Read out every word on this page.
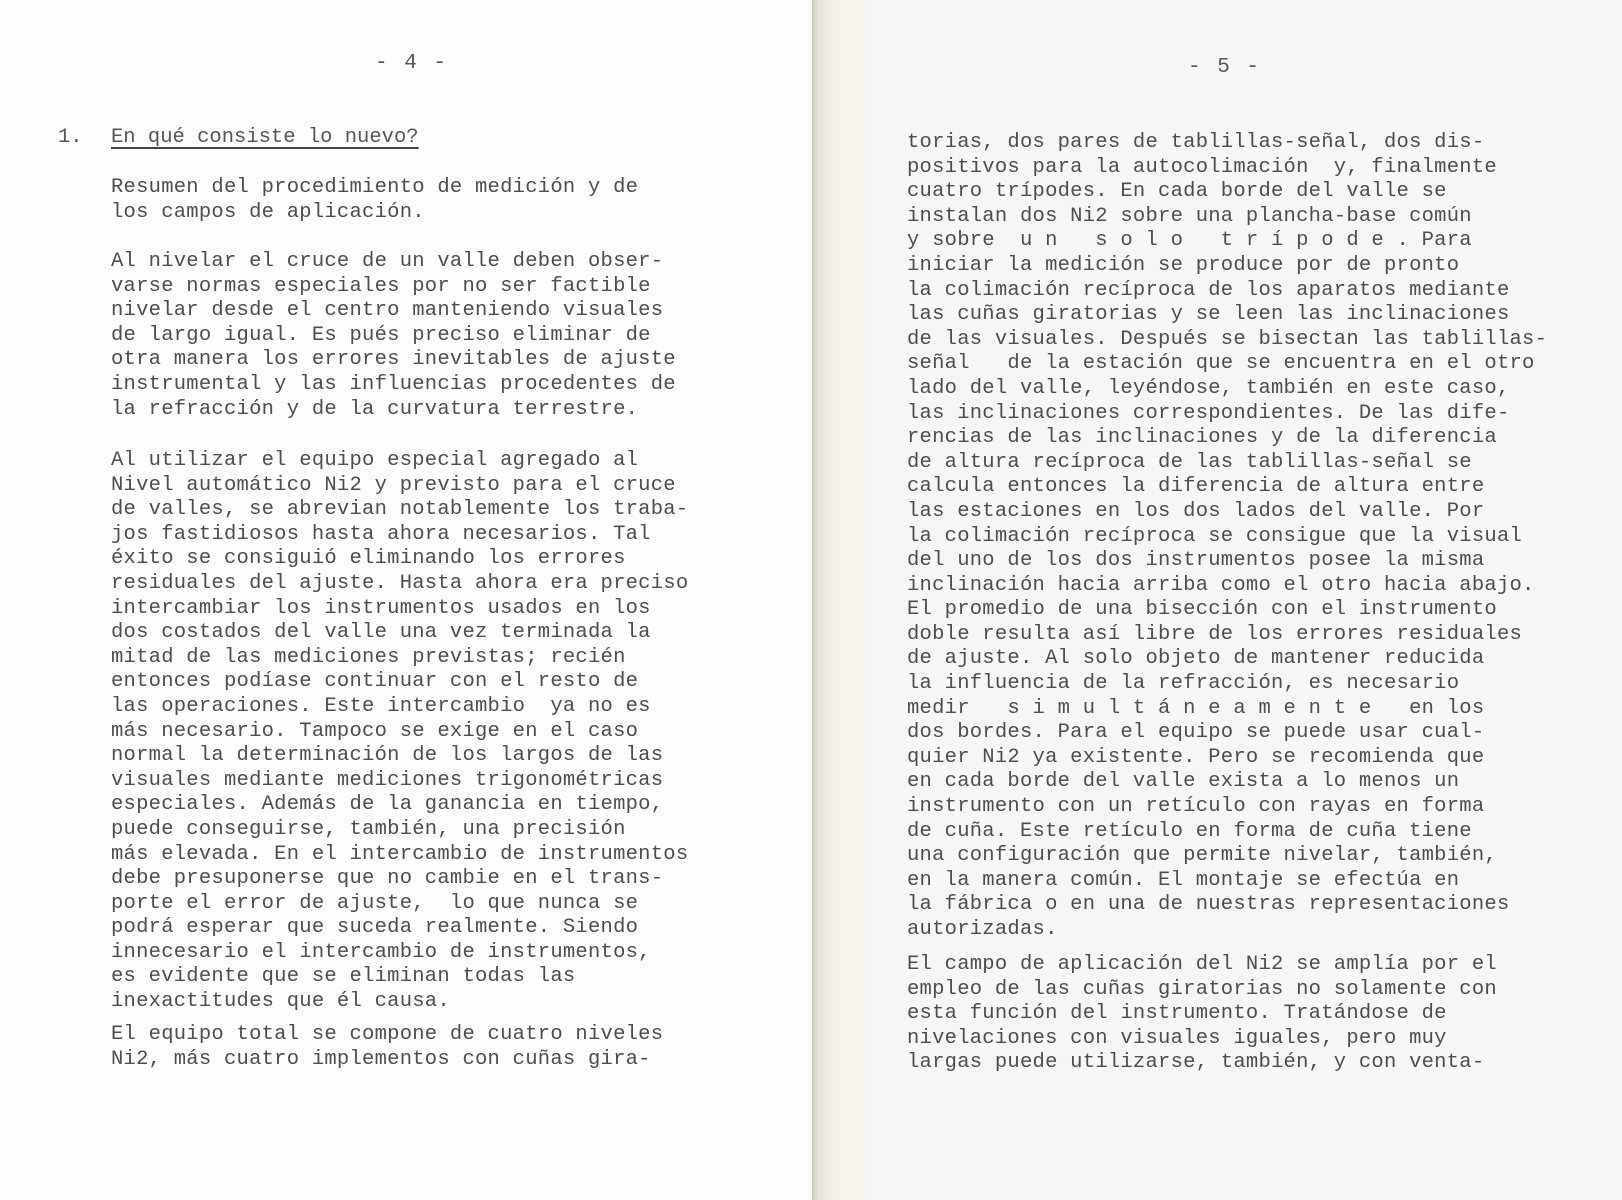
- 4 -
1. En qué consiste lo nuevo?
Resumen del procedimiento de medición y de
los campos de aplicación.
Al nivelar el cruce de un valle deben obser-
varse normas especiales por no ser factible
nivelar desde el centro manteniendo visuales
de largo igual. Es pués preciso eliminar de
otra manera los errores inevitables de ajuste
instrumental y las influencias procedentes de
la refracción y de la curvatura terrestre.
Al utilizar el equipo especial agregado al
Nivel automático Ni2 y previsto para el cruce
de valles, se abrevian notablemente los traba-
jos fastidiosos hasta ahora necesarios. Tal
éxito se consiguió eliminando los errores
residuales del ajuste. Hasta ahora era preciso
intercambiar los instrumentos usados en los
dos costados del valle una vez terminada la
mitad de las mediciones previstas; recién
entonces podíase continuar con el resto de
las operaciones. Este intercambio  ya no es
más necesario. Tampoco se exige en el caso
normal la determinación de los largos de las
visuales mediante mediciones trigonométricas
especiales. Además de la ganancia en tiempo,
puede conseguirse, también, una precisión
más elevada. En el intercambio de instrumentos
debe presuponerse que no cambie en el trans-
porte el error de ajuste,  lo que nunca se
podrá esperar que suceda realmente. Siendo
innecesario el intercambio de instrumentos,
es evidente que se eliminan todas las
inexactitudes que él causa.
El equipo total se compone de cuatro niveles
Ni2, más cuatro implementos con cuñas gira-
- 5 -
torias, dos pares de tablillas-señal, dos dis-
positivos para la autocolimación  y, finalmente
cuatro trípodes. En cada borde del valle se
instalan dos Ni2 sobre una plancha-base común
y sobre  u n   s o l o   t r í p o d e . Para
iniciar la medición se produce por de pronto
la colimación recíproca de los aparatos mediante
las cuñas giratorias y se leen las inclinaciones
de las visuales. Después se bisectan las tablillas-
señal   de la estación que se encuentra en el otro
lado del valle, leyéndose, también en este caso,
las inclinaciones correspondientes. De las dife-
rencias de las inclinaciones y de la diferencia
de altura recíproca de las tablillas-señal se
calcula entonces la diferencia de altura entre
las estaciones en los dos lados del valle. Por
la colimación recíproca se consigue que la visual
del uno de los dos instrumentos posee la misma
inclinación hacia arriba como el otro hacia abajo.
El promedio de una bisección con el instrumento
doble resulta así libre de los errores residuales
de ajuste. Al solo objeto de mantener reducida
la influencia de la refracción, es necesario
medir   s i m u l t á n e a m e n t e   en los
dos bordes. Para el equipo se puede usar cual-
quier Ni2 ya existente. Pero se recomienda que
en cada borde del valle exista a lo menos un
instrumento con un retículo con rayas en forma
de cuña. Este retículo en forma de cuña tiene
una configuración que permite nivelar, también,
en la manera común. El montaje se efectúa en
la fábrica o en una de nuestras representaciones
autorizadas.
El campo de aplicación del Ni2 se amplía por el
empleo de las cuñas giratorias no solamente con
esta función del instrumento. Tratándose de
nivelaciones con visuales iguales, pero muy
largas puede utilizarse, también, y con venta-
